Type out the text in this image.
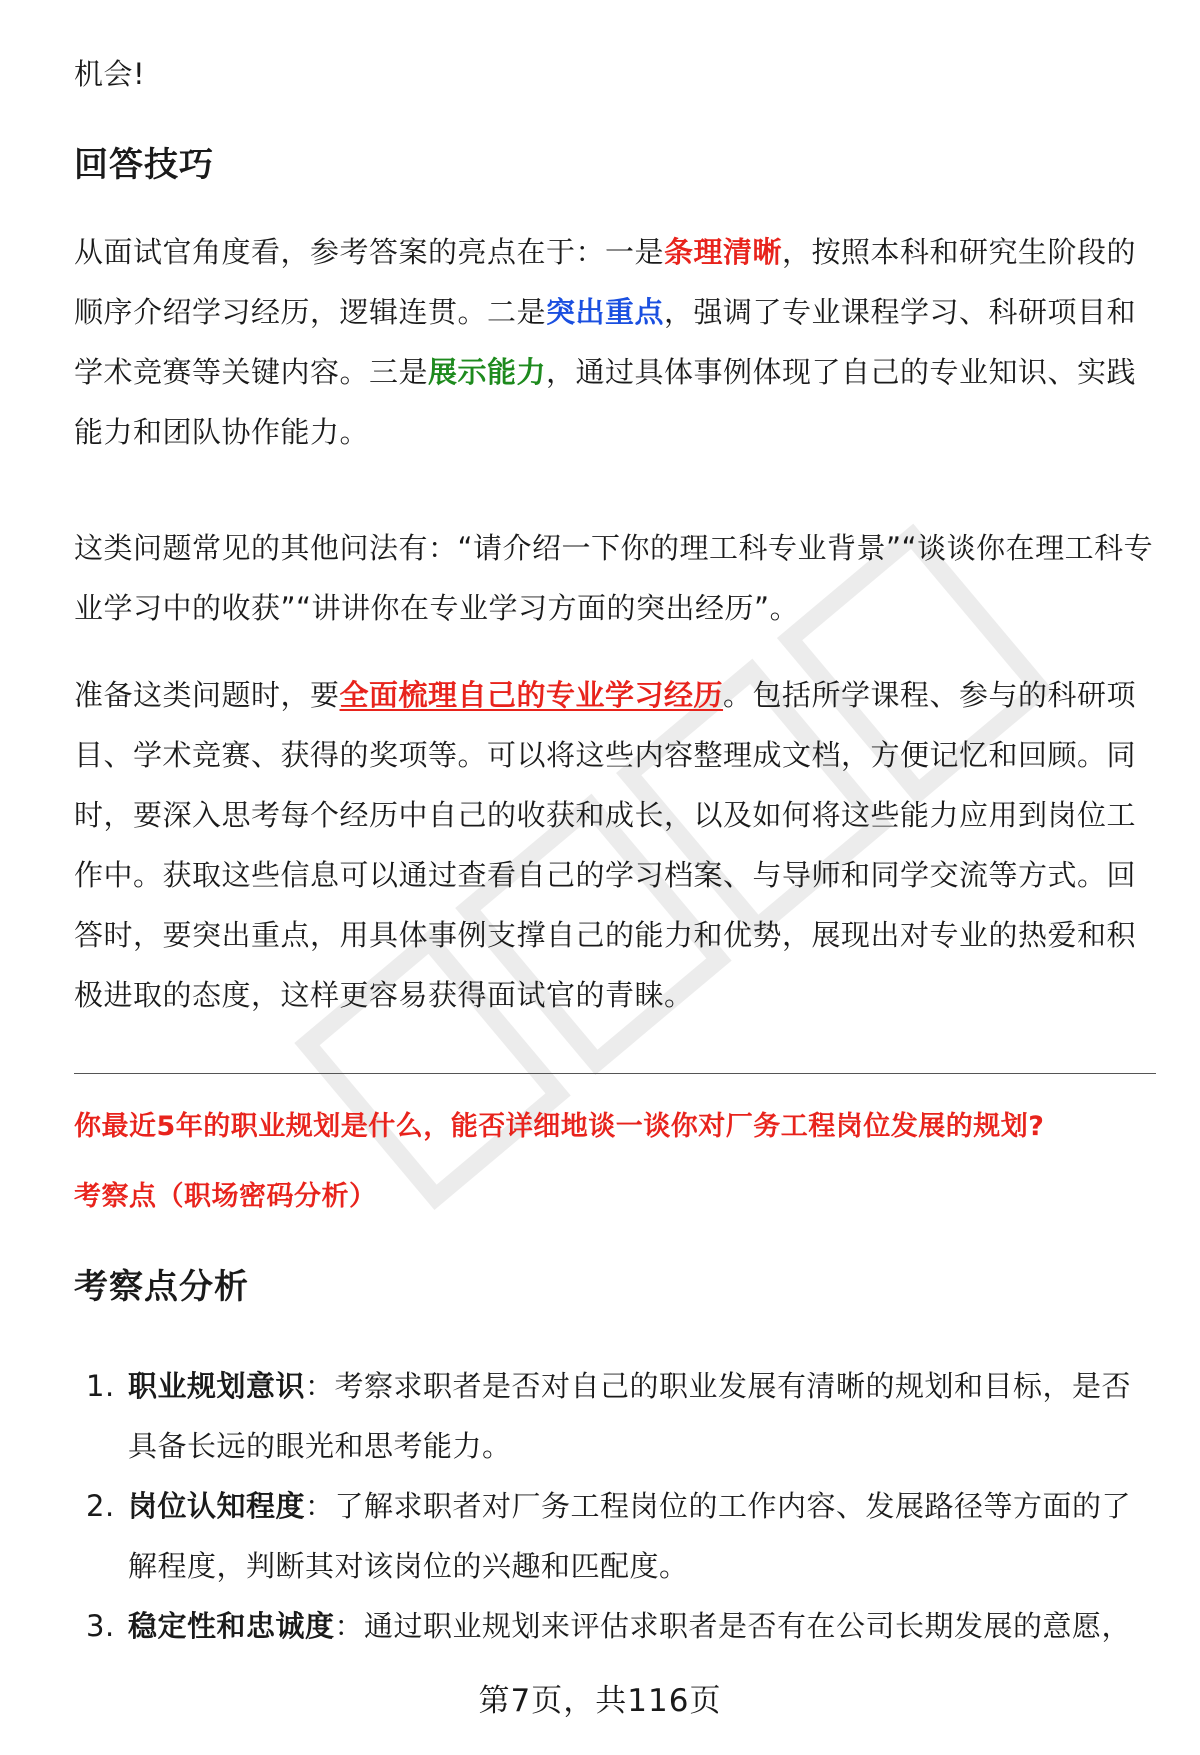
机会!

回答技巧

从面试官角度看，参考答案的亮点在于：一是条理清晰，按照本科和研究生阶段的顺序介绍学习经历，逻辑连贯。二是突出重点，强调了专业课程学习、科研项目和学术竞赛等关键内容。三是展示能力，通过具体事例体现了自己的专业知识、实践能力和团队协作能力。

这类问题常见的其他问法有：“请介绍一下你的理工科专业背景”“谈谈你在理工科专业学习中的收获”“讲讲你在专业学习方面的突出经历”。

准备这类问题时，要全面梳理自己的专业学习经历。包括所学课程、参与的科研项目、学术竞赛、获得的奖项等。可以将这些内容整理成文档，方便记忆和回顾。同时，要深入思考每个经历中自己的收获和成长，以及如何将这些能力应用到岗位工作中。获取这些信息可以通过查看自己的学习档案、与导师和同学交流等方式。回答时，要突出重点，用具体事例支撑自己的能力和优势，展现出对专业的热爱和积极进取的态度，这样更容易获得面试官的青睐。

你最近5年的职业规划是什么，能否详细地谈一谈你对厂务工程岗位发展的规划?

考察点（职场密码分析）

考察点分析
1. 职业规划意识：考察求职者是否对自己的职业发展有清晰的规划和目标，是否具备长远的眼光和思考能力。
2. 岗位认知程度：了解求职者对厂务工程岗位的工作内容、发展路径等方面的了解程度，判断其对该岗位的兴趣和匹配度。
3. 稳定性和忠诚度：通过职业规划来评估求职者是否有在公司长期发展的意愿，
第7页，共116页
